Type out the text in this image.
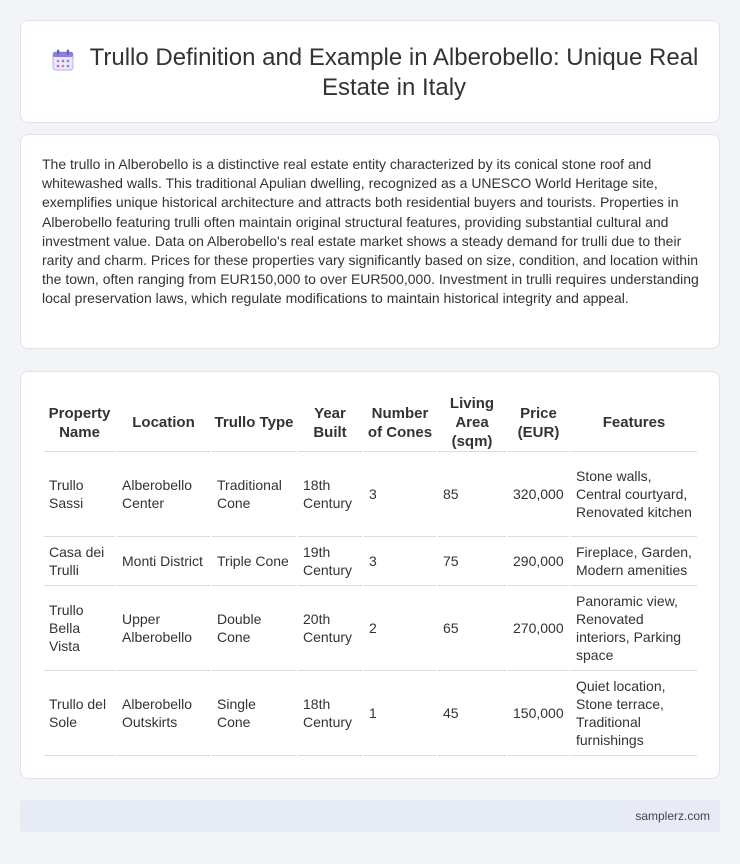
Trullo Definition and Example in Alberobello: Unique Real Estate in Italy

The trullo in Alberobello is a distinctive real estate entity characterized by its conical stone roof and whitewashed walls. This traditional Apulian dwelling, recognized as a UNESCO World Heritage site, exemplifies unique historical architecture and attracts both residential buyers and tourists. Properties in Alberobello featuring trulli often maintain original structural features, providing substantial cultural and investment value. Data on Alberobello's real estate market shows a steady demand for trulli due to their rarity and charm. Prices for these properties vary significantly based on size, condition, and location within the town, often ranging from EUR150,000 to over EUR500,000. Investment in trulli requires understanding local preservation laws, which regulate modifications to maintain historical integrity and appeal.

Property Name	Location	Trullo Type	Year Built	Number of Cones	Living Area (sqm)	Price (EUR)	Features
Trullo Sassi	Alberobello Center	Traditional Cone	18th Century	3	85	320,000	Stone walls, Central courtyard, Renovated kitchen
Casa dei Trulli	Monti District	Triple Cone	19th Century	3	75	290,000	Fireplace, Garden, Modern amenities
Trullo Bella Vista	Upper Alberobello	Double Cone	20th Century	2	65	270,000	Panoramic view, Renovated interiors, Parking space
Trullo del Sole	Alberobello Outskirts	Single Cone	18th Century	1	45	150,000	Quiet location, Stone terrace, Traditional furnishings
samplerz.com
